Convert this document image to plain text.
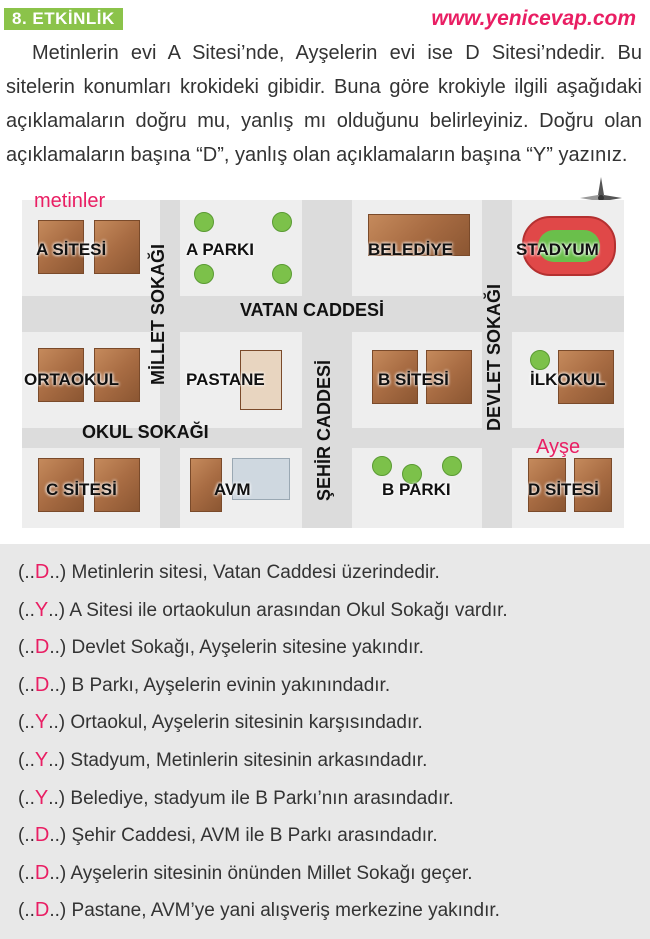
8. ETKİNLİK	www.yenicevap.com

Metinlerin evi A Sitesi’nde, Ayşelerin evi ise D Sitesi’ndedir. Bu sitelerin konumları krokideki gibidir. Buna göre krokiyle ilgili aşağıdaki açıklamaların doğru mu, yanlış mı olduğunu belirleyiniz. Doğru olan açıklamaların başına “D”, yanlış olan açıklamaların başına “Y” yazınız.

A SİTESİ	A PARKI	BELEDİYE	STADYUM
ORTAOKUL	PASTANE	B SİTESİ	İLKOKUL
C SİTESİ	AVM	B PARKI	D SİTESİ
VATAN CADDESİ
OKUL SOKAĞI
MİLLET SOKAĞI
ŞEHİR CADDESİ	DEVLET SOKAĞI
metinler
Ayşe
(..D..) Metinlerin sitesi, Vatan Caddesi üzerindedir.
(..Y..) A Sitesi ile ortaokulun arasından Okul Sokağı vardır.
(..D..) Devlet Sokağı, Ayşelerin sitesine yakındır.
(..D..) B Parkı, Ayşelerin evinin yakınındadır.
(..Y..) Ortaokul, Ayşelerin sitesinin karşısındadır.
(..Y..) Stadyum, Metinlerin sitesinin arkasındadır.
(..Y..) Belediye, stadyum ile B Parkı’nın arasındadır.
(..D..) Şehir Caddesi, AVM ile B Parkı arasındadır.
(..D..) Ayşelerin sitesinin önünden Millet Sokağı geçer.
(..D..) Pastane, AVM’ye yani alışveriş merkezine yakındır.
